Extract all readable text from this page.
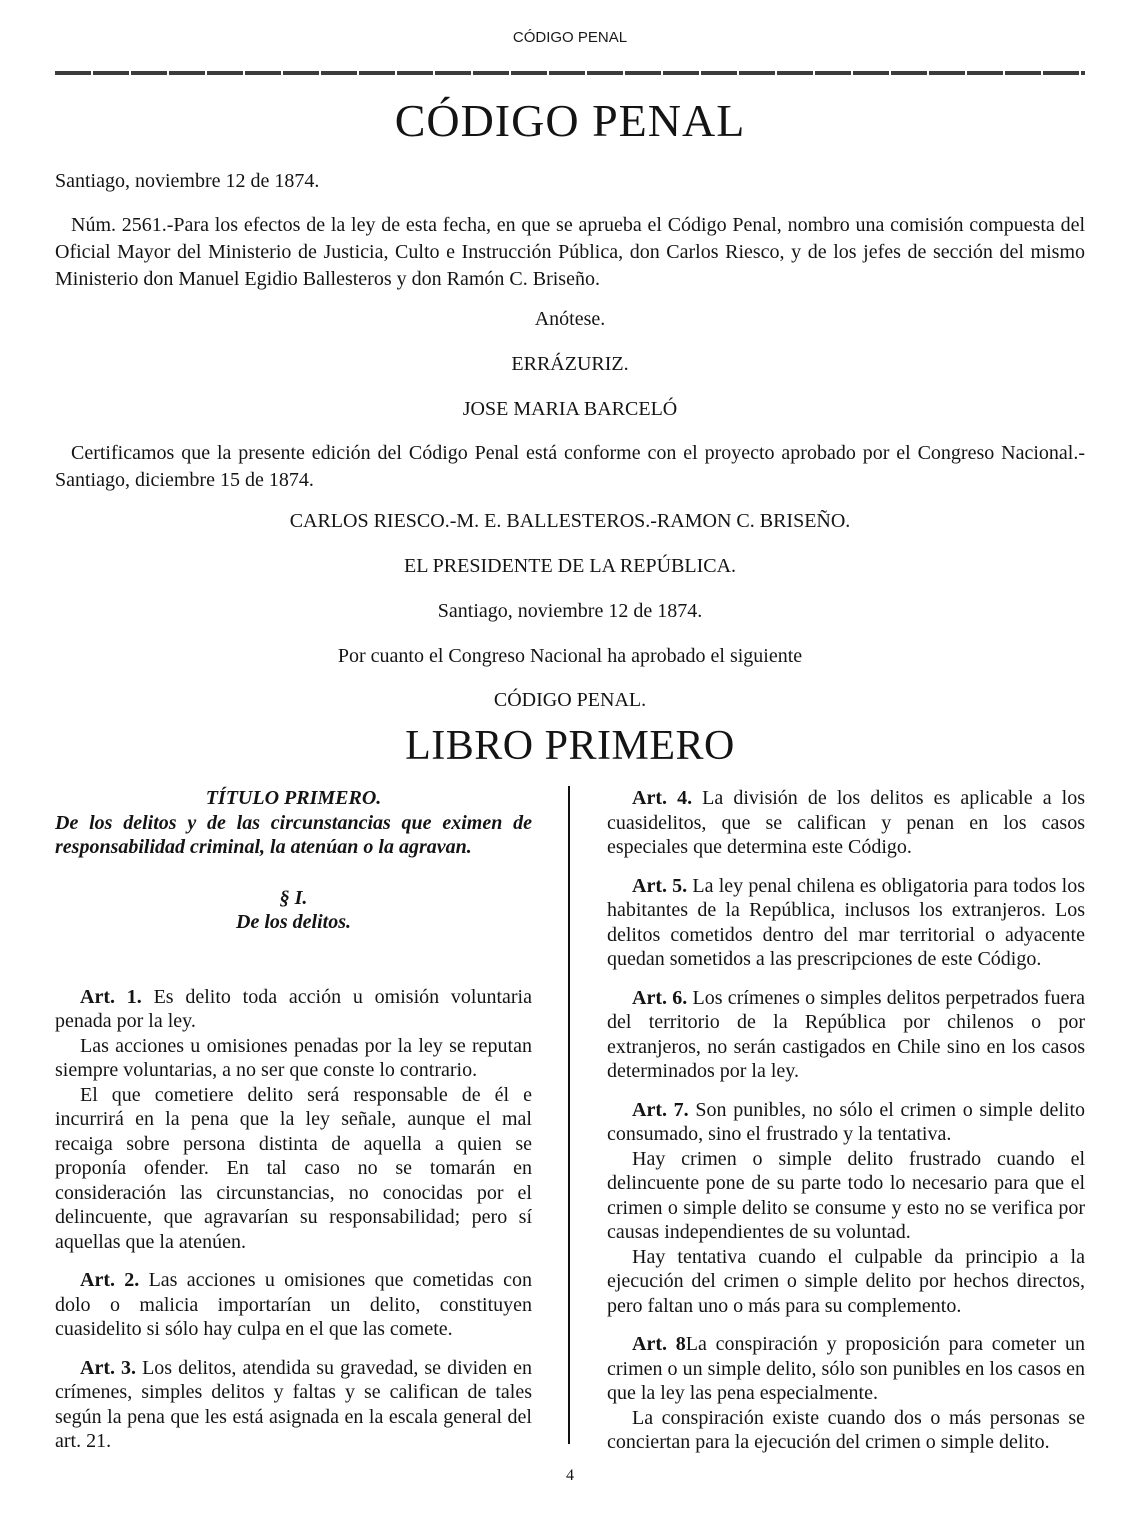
CÓDIGO PENAL
CÓDIGO PENAL
Santiago, noviembre 12 de 1874.
Núm. 2561.-Para los efectos de la ley de esta fecha, en que se aprueba el Código Penal, nombro una comisión compuesta del Oficial Mayor del Ministerio de Justicia, Culto e Instrucción Pública, don Carlos Riesco, y de los jefes de sección del mismo Ministerio don Manuel Egidio Ballesteros y don Ramón C. Briseño.
Anótese.
ERRÁZURIZ.
JOSE MARIA BARCELÓ
Certificamos que la presente edición del Código Penal está conforme con el proyecto aprobado por el Congreso Nacional.- Santiago, diciembre 15 de 1874.
CARLOS RIESCO.-M. E. BALLESTEROS.-RAMON C. BRISEÑO.
EL PRESIDENTE DE LA REPÚBLICA.
Santiago, noviembre 12 de 1874.
Por cuanto el Congreso Nacional ha aprobado el siguiente
CÓDIGO PENAL.
LIBRO PRIMERO
TÍTULO PRIMERO.
De los delitos y de las circunstancias que eximen de responsabilidad criminal, la atenúan o la agravan.
§ I.
De los delitos.

Art. 1. Es delito toda acción u omisión voluntaria penada por la ley.

Las acciones u omisiones penadas por la ley se reputan siempre voluntarias, a no ser que conste lo contrario.

El que cometiere delito será responsable de él e incurrirá en la pena que la ley señale, aunque el mal recaiga sobre persona distinta de aquella a quien se proponía ofender. En tal caso no se tomarán en consideración las circunstancias, no conocidas por el delincuente, que agravarían su responsabilidad; pero sí aquellas que la atenúen.

Art. 2. Las acciones u omisiones que cometidas con dolo o malicia importarían un delito, constituyen cuasidelito si sólo hay culpa en el que las comete.

Art. 3. Los delitos, atendida su gravedad, se dividen en crímenes, simples delitos y faltas y se califican de tales según la pena que les está asignada en la escala general del art. 21.

Art. 4. La división de los delitos es aplicable a los cuasidelitos, que se califican y penan en los casos especiales que determina este Código.

Art. 5. La ley penal chilena es obligatoria para todos los habitantes de la República, inclusos los extranjeros. Los delitos cometidos dentro del mar territorial o adyacente quedan sometidos a las prescripciones de este Código.

Art. 6. Los crímenes o simples delitos perpetrados fuera del territorio de la República por chilenos o por extranjeros, no serán castigados en Chile sino en los casos determinados por la ley.

Art. 7. Son punibles, no sólo el crimen o simple delito consumado, sino el frustrado y la tentativa.

Hay crimen o simple delito frustrado cuando el delincuente pone de su parte todo lo necesario para que el crimen o simple delito se consume y esto no se verifica por causas independientes de su voluntad.

Hay tentativa cuando el culpable da principio a la ejecución del crimen o simple delito por hechos directos, pero faltan uno o más para su complemento.

Art. 8La conspiración y proposición para cometer un crimen o un simple delito, sólo son punibles en los casos en que la ley las pena especialmente.

La conspiración existe cuando dos o más personas se conciertan para la ejecución del crimen o simple delito.

4
